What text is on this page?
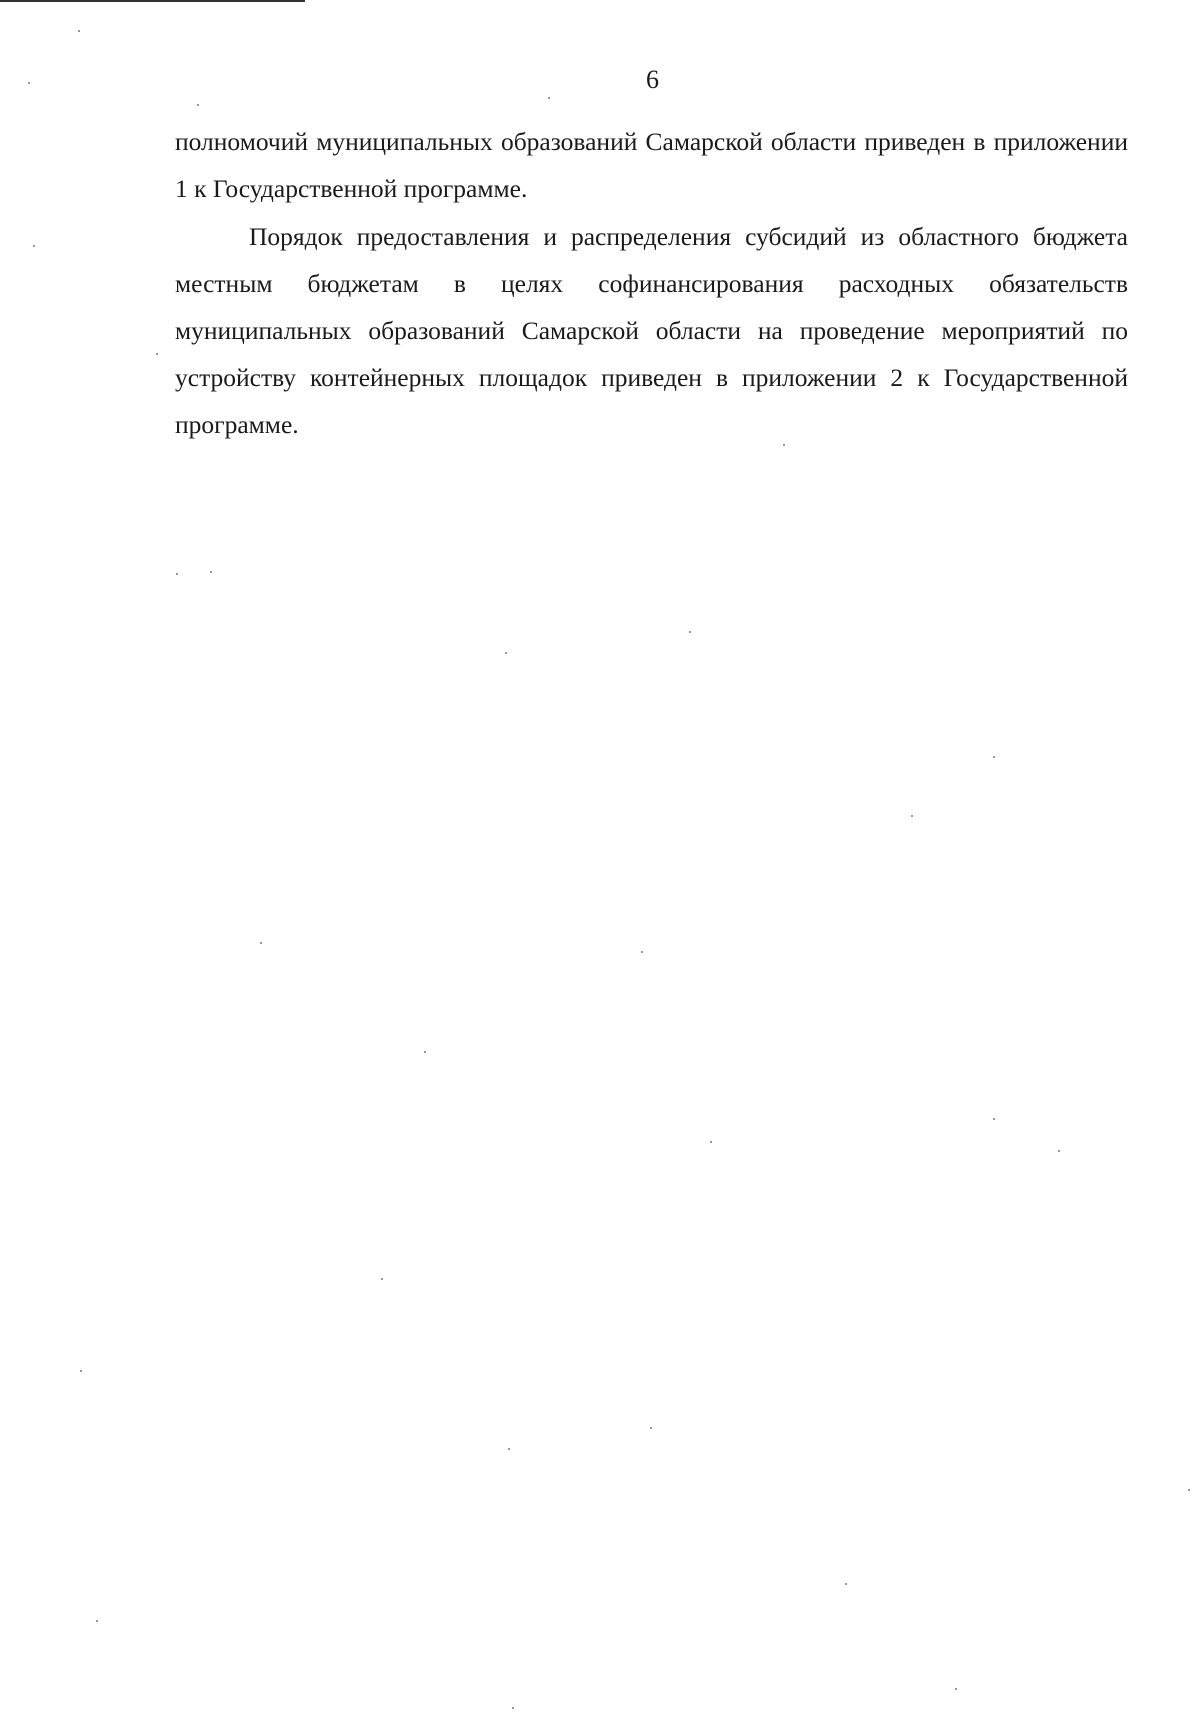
6

полномочий муниципальных образований Самарской области приведен в приложении 1 к Государственной программе.

Порядок предоставления и распределения субсидий из областного бюджета местным бюджетам в целях софинансирования расходных обязательств муниципальных образований Самарской области на проведение мероприятий по устройству контейнерных площадок приведен в приложении 2 к Государственной программе.
